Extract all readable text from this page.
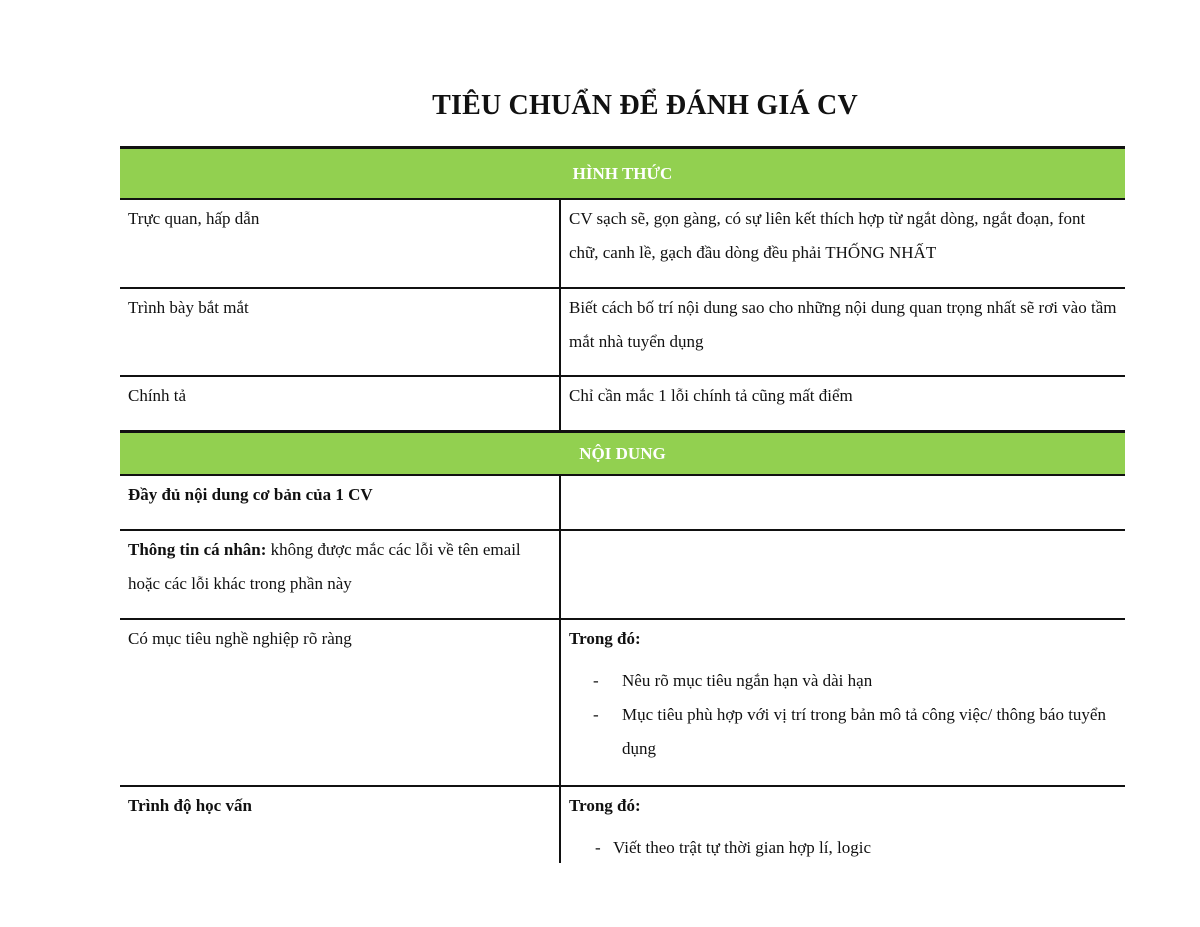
TIÊU CHUẨN ĐỂ ĐÁNH GIÁ CV
HÌNH THỨC
Trực quan, hấp dẫn	CV sạch sẽ, gọn gàng, có sự liên kết thích hợp từ ngắt dòng, ngắt đoạn, font chữ, canh lề, gạch đầu dòng đều phải THỐNG NHẤT
Trình bày bắt mắt	Biết cách bố trí nội dung sao cho những nội dung quan trọng nhất sẽ rơi vào tầm mắt nhà tuyển dụng
Chính tả	Chỉ cần mắc 1 lỗi chính tả cũng mất điểm
NỘI DUNG
Đầy đủ nội dung cơ bản của 1 CV
Thông tin cá nhân: không được mắc các lỗi về tên email hoặc các lỗi khác trong phần này
Có mục tiêu nghề nghiệp rõ ràng	Trong đó:
- Nêu rõ mục tiêu ngắn hạn và dài hạn
- Mục tiêu phù hợp với vị trí trong bản mô tả công việc/ thông báo tuyển dụng
Trình độ học vấn	Trong đó:
- Viết theo trật tự thời gian hợp lí, logic
